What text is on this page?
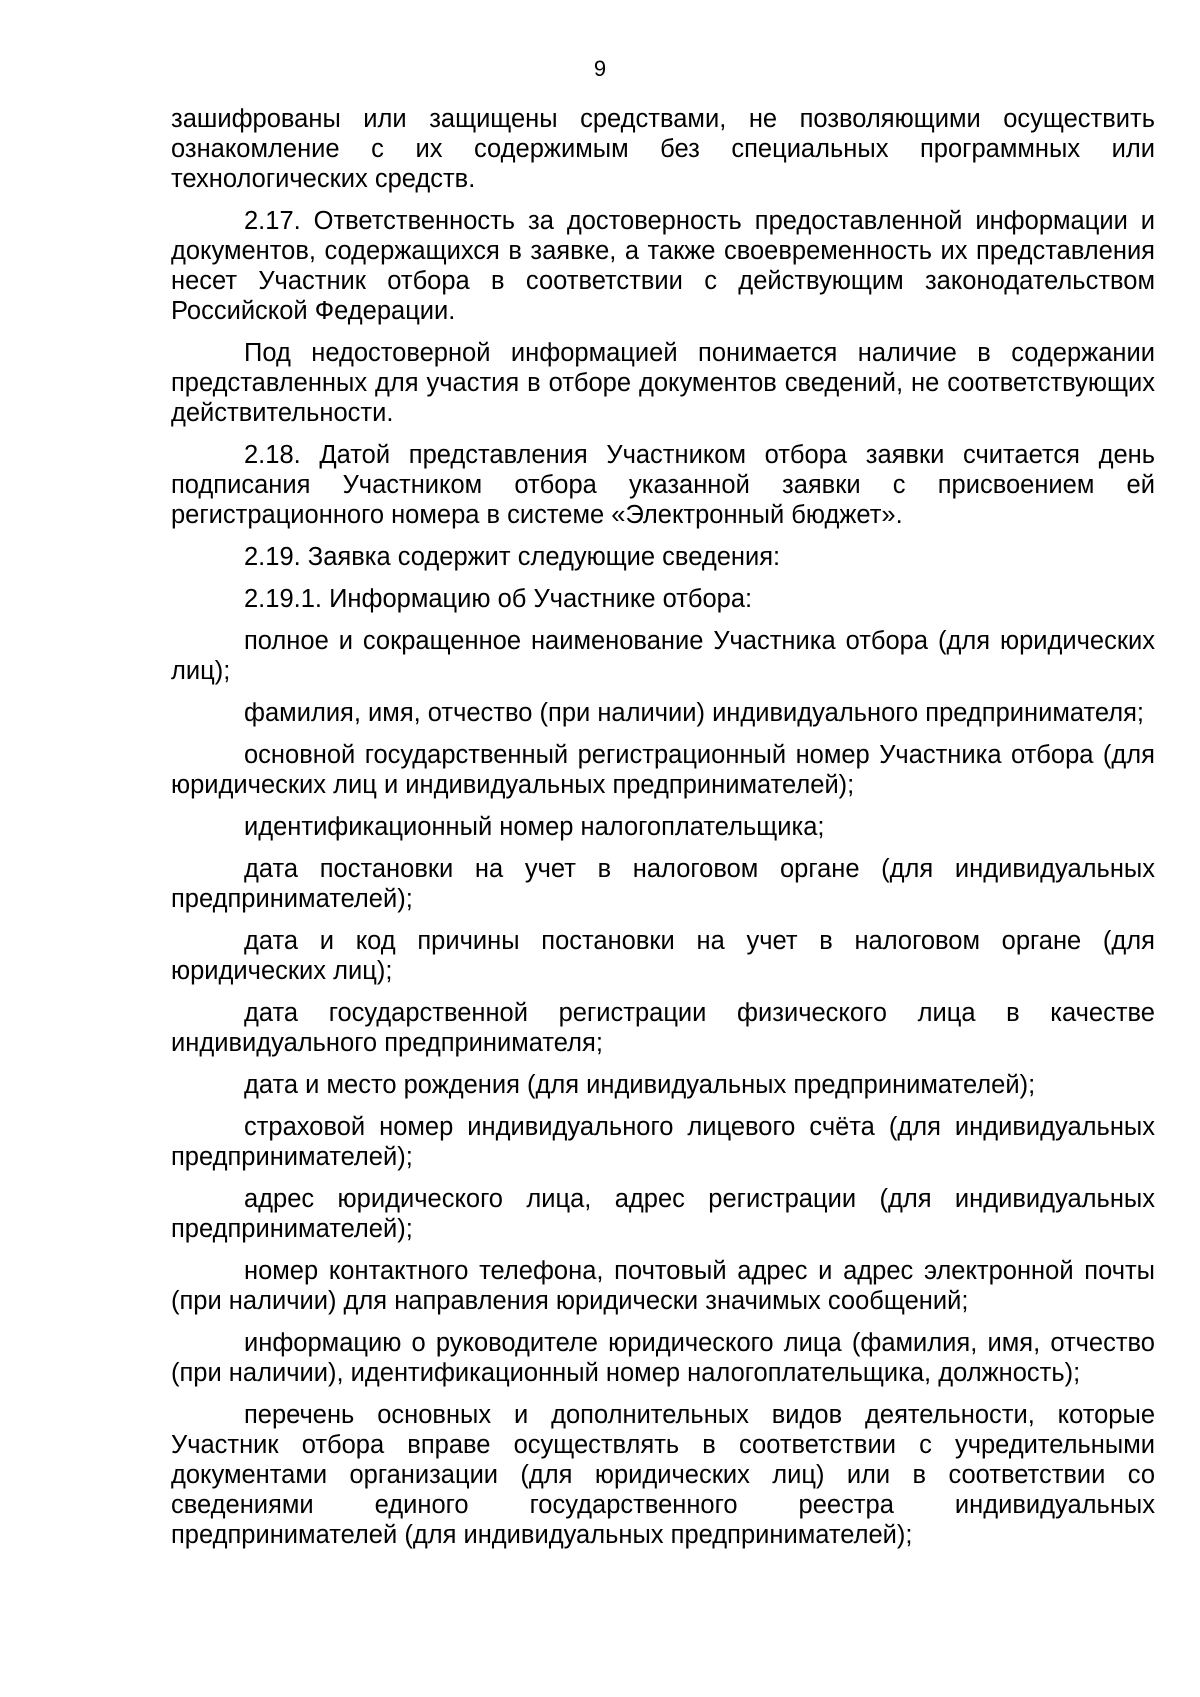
9

зашифрованы или защищены средствами, не позволяющими осуществить ознакомление с их содержимым без специальных программных или технологических средств.

2.17. Ответственность за достоверность предоставленной информации и документов, содержащихся в заявке, а также своевременность их представления несет Участник отбора в соответствии с действующим законодательством Российской Федерации.

Под недостоверной информацией понимается наличие в содержании представленных для участия в отборе документов сведений, не соответствующих действительности.

2.18. Датой представления Участником отбора заявки считается день подписания Участником отбора указанной заявки с присвоением ей регистрационного номера в системе «Электронный бюджет».

2.19. Заявка содержит следующие сведения:

2.19.1. Информацию об Участнике отбора:

полное и сокращенное наименование Участника отбора (для юридических лиц);

фамилия, имя, отчество (при наличии) индивидуального предпринимателя;

основной государственный регистрационный номер Участника отбора (для юридических лиц и индивидуальных предпринимателей);

идентификационный номер налогоплательщика;

дата постановки на учет в налоговом органе (для индивидуальных предпринимателей);

дата и код причины постановки на учет в налоговом органе (для юридических лиц);

дата государственной регистрации физического лица в качестве индивидуального предпринимателя;

дата и место рождения (для индивидуальных предпринимателей);

страховой номер индивидуального лицевого счёта (для индивидуальных предпринимателей);

адрес юридического лица, адрес регистрации (для индивидуальных предпринимателей);

номер контактного телефона, почтовый адрес и адрес электронной почты (при наличии) для направления юридически значимых сообщений;

информацию о руководителе юридического лица (фамилия, имя, отчество (при наличии), идентификационный номер налогоплательщика, должность);

перечень основных и дополнительных видов деятельности, которые Участник отбора вправе осуществлять в соответствии с учредительными документами организации (для юридических лиц) или в соответствии со сведениями единого государственного реестра индивидуальных предпринимателей (для индивидуальных предпринимателей);
